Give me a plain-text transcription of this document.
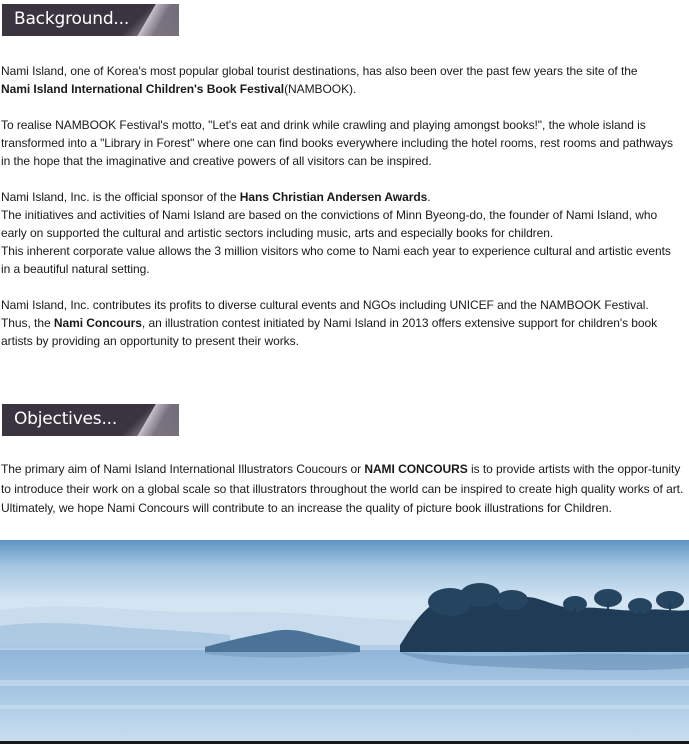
Background...

Nami Island, one of Korea's most popular global tourist destinations, has also been over the past few years the site of the
Nami Island International Children's Book Festival(NAMBOOK).

To realise NAMBOOK Festival's motto, "Let's eat and drink while crawling and playing amongst books!", the whole island is transformed into a "Library in Forest" where one can find books everywhere including the hotel rooms, rest rooms and pathways in the hope that the imaginative and creative powers of all visitors can be inspired.

Nami Island, Inc. is the official sponsor of the Hans Christian Andersen Awards.
The initiatives and activities of Nami Island are based on the convictions of Minn Byeong-do, the founder of Nami Island, who early on supported the cultural and artistic sectors including music, arts and especially books for children.
This inherent corporate value allows the 3 million visitors who come to Nami each year to experience cultural and artistic events in a beautiful natural setting.

Nami Island, Inc. contributes its profits to diverse cultural events and NGOs including UNICEF and the NAMBOOK Festival.
Thus, the Nami Concours, an illustration contest initiated by Nami Island in 2013 offers extensive support for children's book artists by providing an opportunity to present their works.

Objectives...

The primary aim of Nami Island International Illustrators Coucours or NAMI CONCOURS is to provide artists with the oppor-tunity to introduce their work on a global scale so that illustrators throughout the world can be inspired to create high quality works of art. Ultimately, we hope Nami Concours will contribute to an increase the quality of picture book illustrations for Children.
